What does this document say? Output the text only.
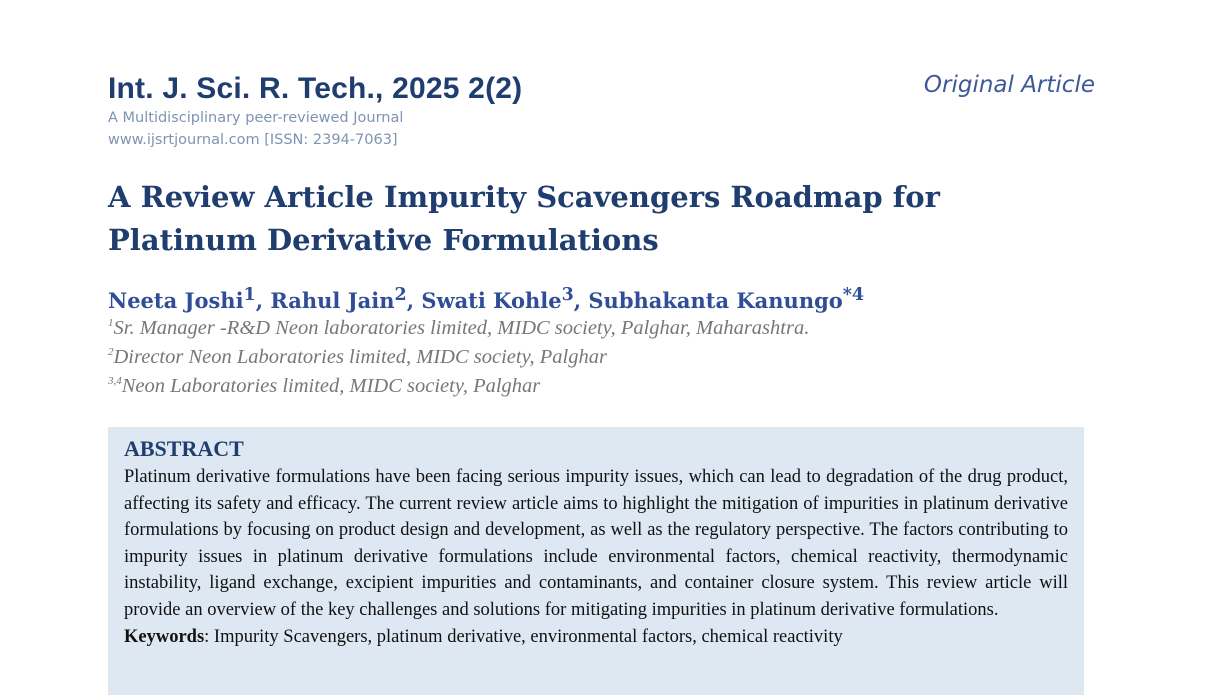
Int. J. Sci. R. Tech., 2025 2(2)

A Multidisciplinary peer-reviewed Journal

www.ijsrtjournal.com [ISSN: 2394-7063]

Original Article

A Review Article Impurity Scavengers Roadmap for Platinum Derivative Formulations

Neeta Joshi$^1$, Rahul Jain$^2$, Swati Kohle$^3$, Subhakanta Kanungo$^{*4}$

$^1$Sr. Manager -R&D Neon laboratories limited, MIDC society, Palghar, Maharashtra.

$^2$Director Neon Laboratories limited, MIDC society, Palghar

$^{3,4}$Neon Laboratories limited, MIDC society, Palghar

ABSTRACT

Platinum derivative formulations have been facing serious impurity issues, which can lead to degradation of the drug product, affecting its safety and efficacy. The current review article aims to highlight the mitigation of impurities in platinum derivative formulations by focusing on product design and development, as well as the regulatory perspective. The factors contributing to impurity issues in platinum derivative formulations include environmental factors, chemical reactivity, thermodynamic instability, ligand exchange, excipient impurities and contaminants, and container closure system. This review article will provide an overview of the key challenges and solutions for mitigating impurities in platinum derivative formulations.

Keywords: Impurity Scavengers, platinum derivative, environmental factors, chemical reactivity
